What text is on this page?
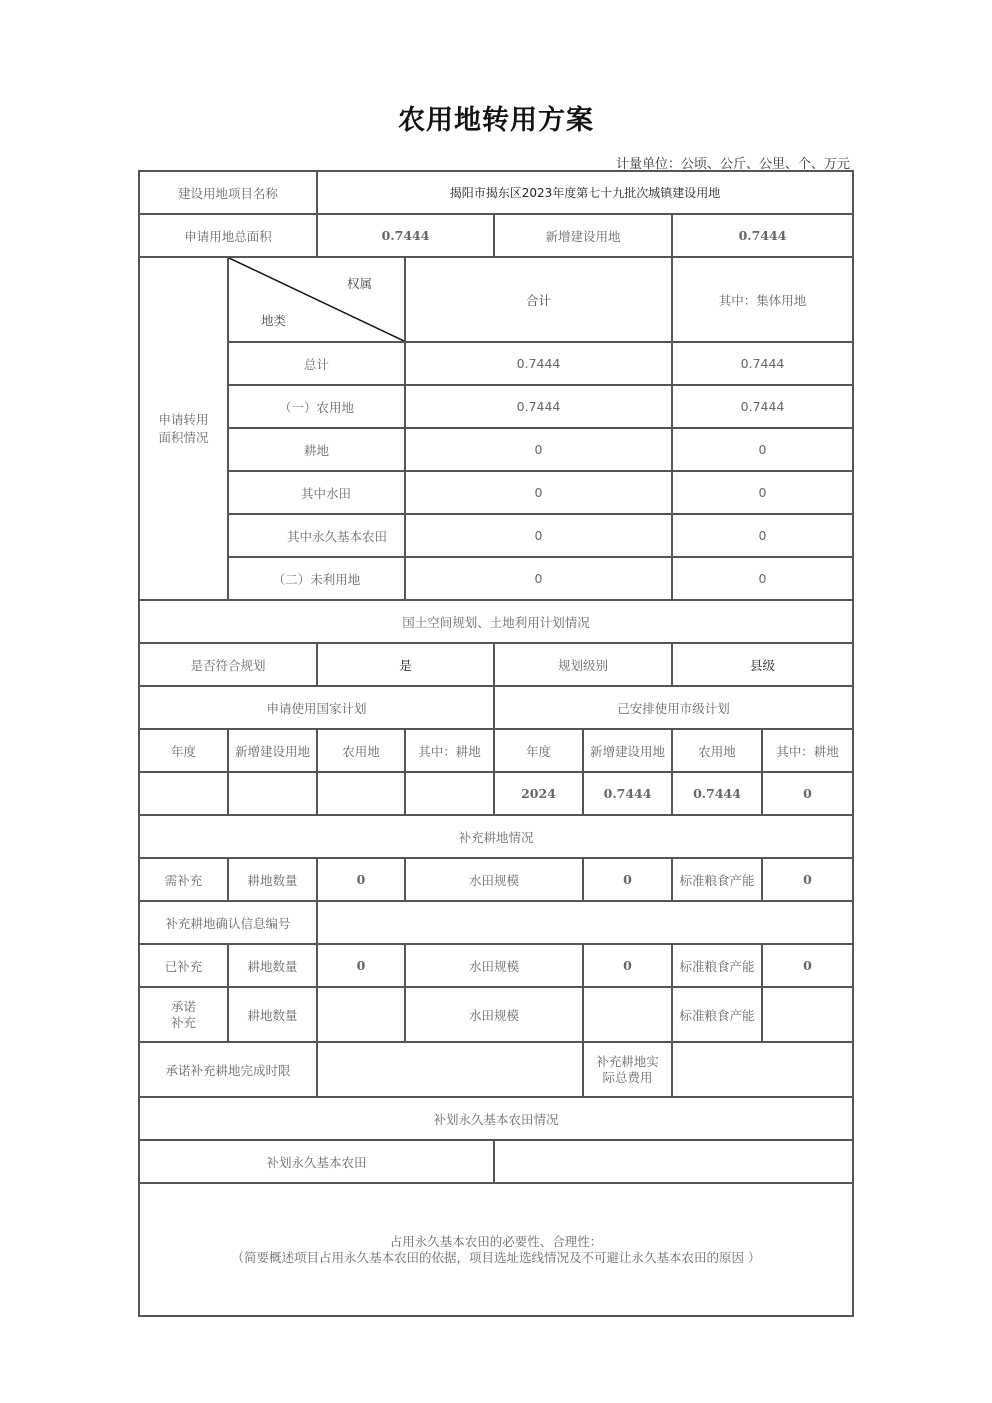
农用地转用方案
计量单位：公顷、公斤、公里、个、万元
建设用地项目名称		揭阳市揭东区2023年度第七十九批次城镇建设用地					
申请用地总面积		0.7444		新增建设用地		0.7444	
申请转用面积情况	权属
地类		合计			其中：集体用地	
	总计		0.7444			0.7444	
	（一）农用地		0.7444			0.7444	
	耕地		0			0	
	其中水田		0			0	
	其中永久基本农田		0			0	
	（二）未利用地		0			0	
国土空间规划、土地利用计划情况							
是否符合规划		是		规划级别		县级	
申请使用国家计划				己安排使用市级计划			
年度	新增建设用地	农用地	其中：耕地	年度	新增建设用地	农用地	其中：耕地
				2024	0.7444	0.7444	0
补充耕地情况							
需补充	耕地数量	0	水田规模		0	标准粮食产能	0
补充耕地确认信息编号							
已补充	耕地数量	0	水田规模		0	标准粮食产能	0
承诺补充	耕地数量		水田规模			标准粮食产能	
承诺补充耕地完成时限					补充耕地实际总费用		
补划永久基本农田情况							
补划永久基本农田							

占用永久基本农田的必要性、合理性：
（简要概述项目占用永久基本农田的依据，项目选址选线情况及不可避让永久基本农田的原因 ）							
